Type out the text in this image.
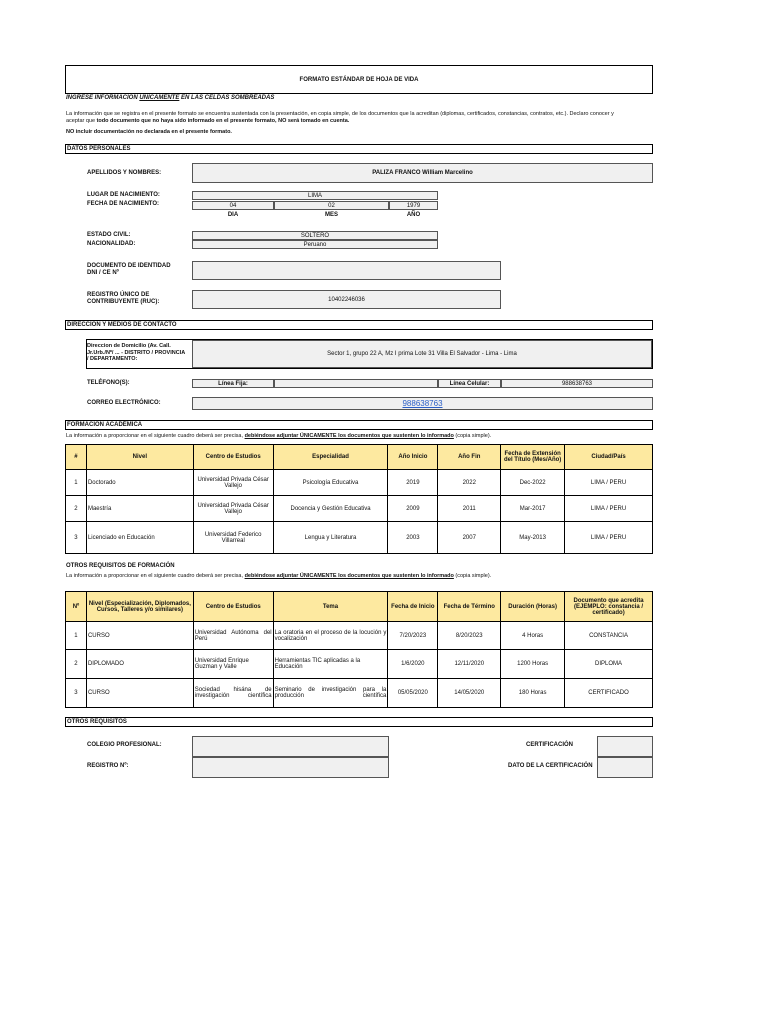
FORMATO ESTÁNDAR DE HOJA DE VIDA
INGRESE INFORMACIÓN ÚNICAMENTE EN LAS CELDAS SOMBREADAS
La información que se registra en el presente formato se encuentra sustentada con la presentación, en copia simple, de los documentos que la acreditan (diplomas, certificados, constancias, contratos, etc.). Declaro conocer y
aceptar que todo documento que no haya sido informado en el presente formato, NO será tomado en cuenta.
NO incluir documentación no declarada en el presente formato.
DATOS PERSONALES
APELLIDOS Y NOMBRES:	PALIZA FRANCO William Marcelino
LUGAR DE NACIMIENTO:	LIMA
FECHA DE NACIMIENTO:	04	02	1979
DIA	MES	AÑO
ESTADO CIVIL:	SOLTERO
NACIONALIDAD:	Peruano
DOCUMENTO DE IDENTIDAD
DNI / CE Nº
REGISTRO ÚNICO DE
CONTRIBUYENTE (RUC):	10402246036
DIRECCIÓN Y MEDIOS DE CONTACTO
Direccion de Domicilio (Av. Call.
Jr.Urb./Nº/ ... - DISTRITO / PROVINCIA
/ DEPARTAMENTO:
Sector 1, grupo 22 A, Mz I prima Lote 31 Villa El Salvador - Lima - Lima
TELÉFONO(S):	Línea Fija:	Línea Celular:	988638763
CORREO ELECTRÓNICO:	988638763
FORMACIÓN ACADÉMICA
La información a proporcionar en el siguiente cuadro deberá ser precisa, debiéndose adjuntar ÚNICAMENTE los documentos que sustenten lo informado (copia simple).
#	Nivel	Centro de Estudios	Especialidad	Año Inicio	Año Fin	Fecha de Extensión del Título (Mes/Año)	Ciudad/País
1	Doctorado	Universidad Privada César Vallejo	Psicología Educativa	2019	2022	Dec-2022	LIMA / PERU
2	Maestría	Universidad Privada César Vallejo	Docencia y Gestión Educativa	2009	2011	Mar-2017	LIMA / PERU
3	Licenciado en Educación	Universidad Federico Villarreal	Lengua y Literatura	2003	2007	May-2013	LIMA / PERU
OTROS REQUISITOS DE FORMACIÓN
La información a proporcionar en el siguiente cuadro deberá ser precisa, debiéndose adjuntar ÚNICAMENTE los documentos que sustenten lo informado (copia simple).
Nº	Nivel (Especialización, Diplomados, Cursos, Talleres y/o similares)	Centro de Estudios	Tema	Fecha de Inicio	Fecha de Término	Duración (Horas)	Documento que acredita (EJEMPLO: constancia / certificado)
1	CURSO	Universidad Autónoma del Perú	La oratoria en el proceso de la locución y vocalización	7/20/2023	8/20/2023	4 Horas	CONSTANCIA
2	DIPLOMADO	Universidad Enrique Guzman y Valle	Herramientas TIC aplicadas a la Educación	1/6/2020	12/11/2020	1200 Horas	DIPLOMA
3	CURSO	Sociedad hisána de investigación científica	Seminario de investigación para la producción científica	05/05/2020	14/05/2020	180 Horas	CERTIFICADO
OTROS REQUISITOS
COLEGIO PROFESIONAL:
REGISTRO Nº:
CERTIFICACIÓN
DATO DE LA CERTIFICACIÓN
